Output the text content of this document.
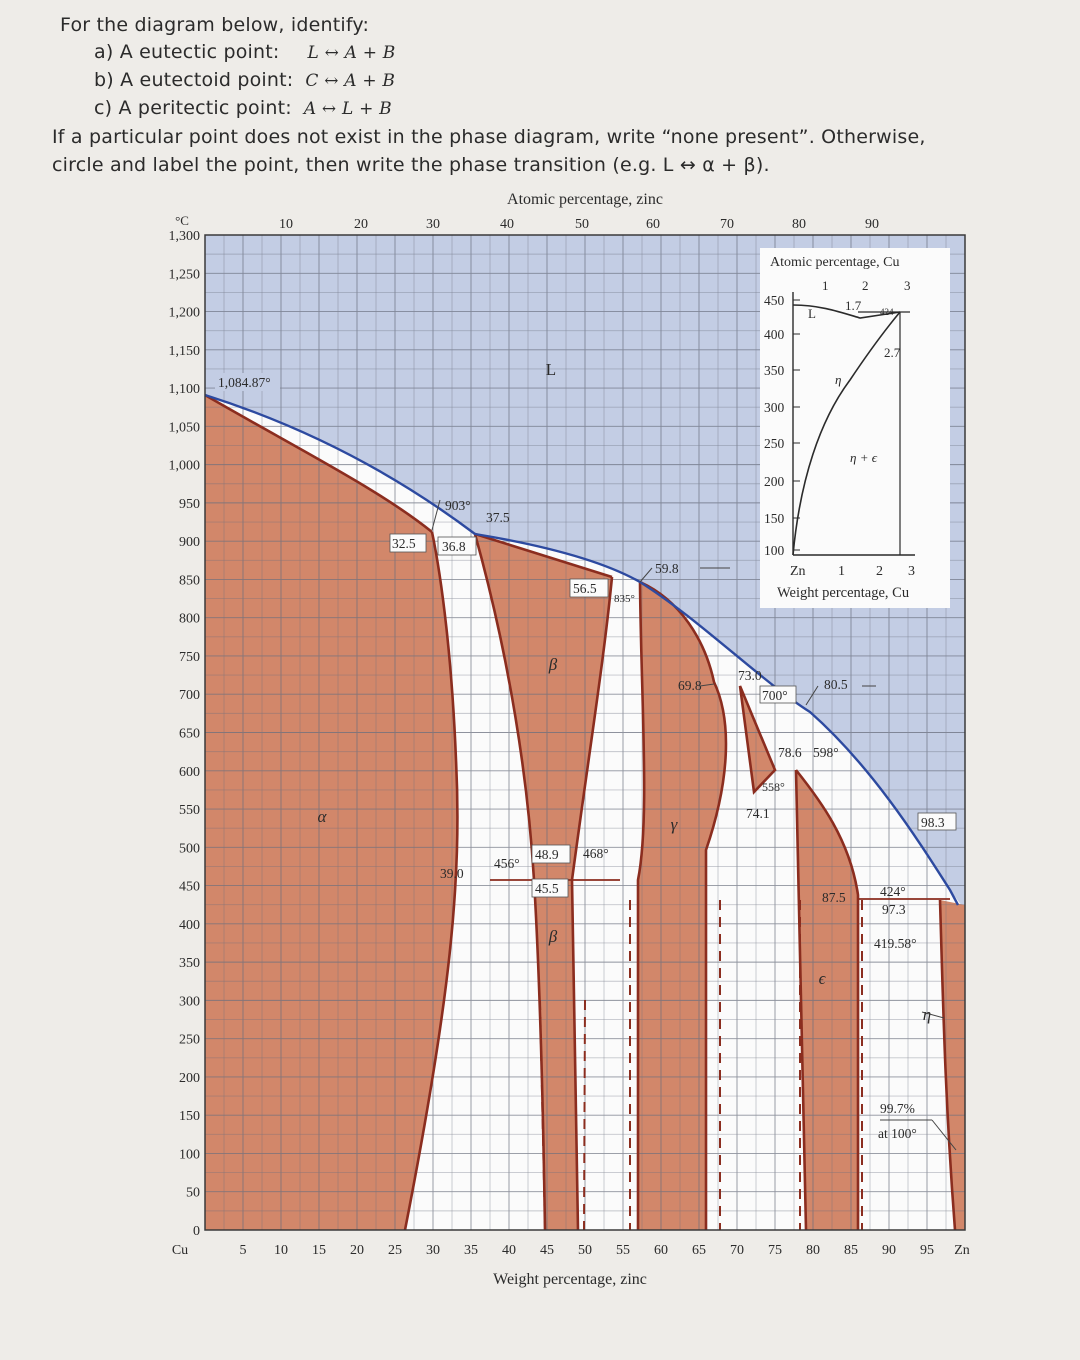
For the diagram below, identify:
a) A eutectic point: L ↔ A + B
b) A eutectoid point: C ↔ A + B
c) A peritectic point: A ↔ L + B
If a particular point does not exist in the phase diagram, write “none present”. Otherwise,
circle and label the point, then write the phase transition (e.g. L ↔ α + β).
Atomic percentage, zinc
Weight percentage, zinc
°C
1,300
1,250
1,200
1,150
1,100
1,050
1,000
950
900
850
800
750
700
650
600
550
500
450
400
350
300
250
200
150
100
50
0
10	20	30	40	50	60	70	80	90
Cu	5 10 15 20 25 30 35 40 45 50 55 60 65 70 75 80 85 90 95 Zn
L
α
β
β
γ
ϵ
η
1,084.87°
903°
32.5 36.8
37.5
56.5
835°
59.8
69.8
73.0
700°
80.5
78.6 598°
558°
74.1
98.3
39.0
456°
48.9 468°
45.5
87.5	424°
97.3
419.58°
99.7%
at 100°
450
400
350
300
250
200
150
100
Atomic percentage, Cu
1	2	3
L
1.7 424
2.7
η
η + ϵ
Zn 1 2 3
Weight percentage, Cu
